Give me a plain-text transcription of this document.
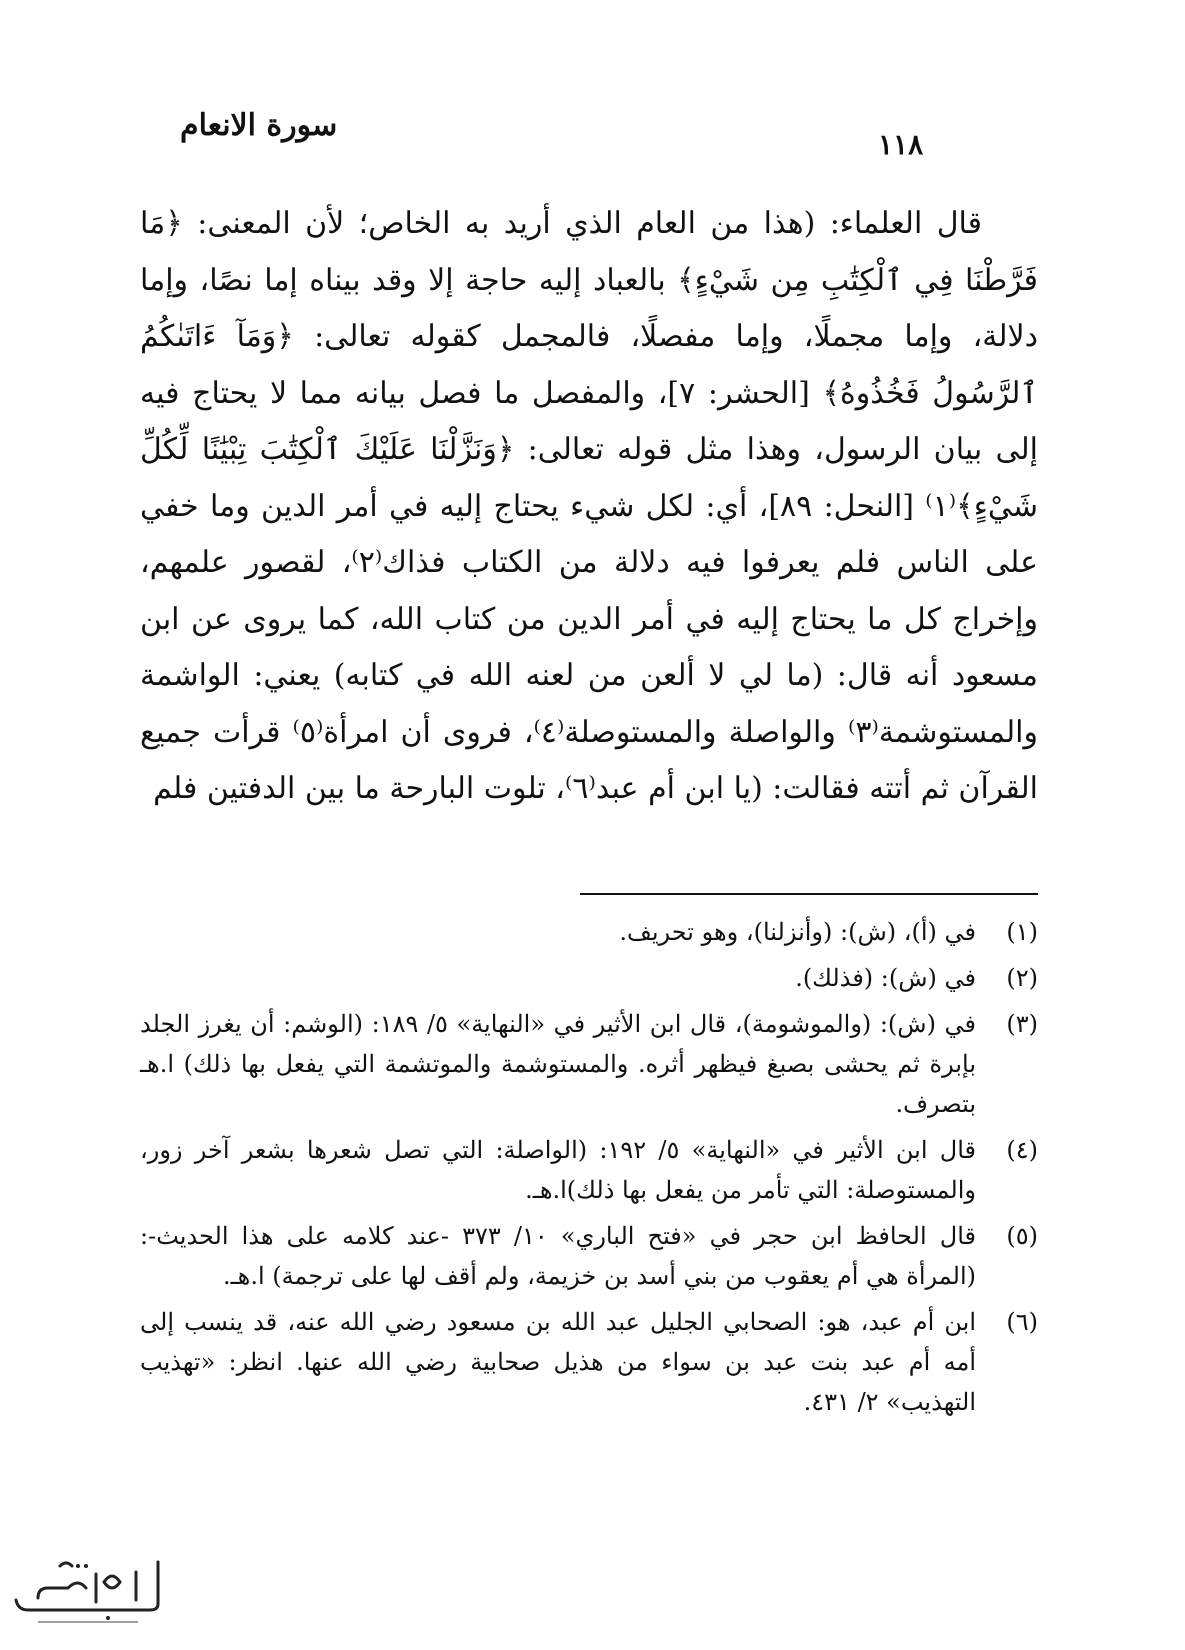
سورة الانعام
١١٨

قال العلماء: (هذا من العام الذي أريد به الخاص؛ لأن المعنى: ﴿مَا فَرَّطْنَا فِي ٱلْكِتَٰبِ مِن شَيْءٍ﴾ بالعباد إليه حاجة إلا وقد بيناه إما نصًا، وإما دلالة، وإما مجملًا، وإما مفصلًا، فالمجمل كقوله تعالى: ﴿وَمَآ ءَاتَىٰكُمُ ٱلرَّسُولُ فَخُذُوهُ﴾ [الحشر: ٧]، والمفصل ما فصل بيانه مما لا يحتاج فيه إلى بيان الرسول، وهذا مثل قوله تعالى: ﴿وَنَزَّلْنَا عَلَيْكَ ٱلْكِتَٰبَ تِبْيَٰنًا لِّكُلِّ شَيْءٍ﴾⁽١⁾ [النحل: ٨٩]، أي: لكل شيء يحتاج إليه في أمر الدين وما خفي على الناس فلم يعرفوا فيه دلالة من الكتاب فذاك⁽٢⁾، لقصور علمهم، وإخراج كل ما يحتاج إليه في أمر الدين من كتاب الله، كما يروى عن ابن مسعود أنه قال: (ما لي لا ألعن من لعنه الله في كتابه) يعني: الواشمة والمستوشمة⁽٣⁾ والواصلة والمستوصلة⁽٤⁾، فروى أن امرأة⁽٥⁾ قرأت جميع القرآن ثم أتته فقالت: (يا ابن أم عبد⁽٦⁾، تلوت البارحة ما بين الدفتين فلم

(١)
في (أ)، (ش): (وأنزلنا)، وهو تحريف.
(٢)
في (ش): (فذلك).
(٣)
في (ش): (والموشومة)، قال ابن الأثير في «النهاية» ٥/ ١٨٩: (الوشم: أن يغرز الجلد بإبرة ثم يحشى بصبغ فيظهر أثره. والمستوشمة والموتشمة التي يفعل بها ذلك) ا.هـ بتصرف.
(٤)
قال ابن الأثير في «النهاية» ٥/ ١٩٢: (الواصلة: التي تصل شعرها بشعر آخر زور، والمستوصلة: التي تأمر من يفعل بها ذلك)ا.هـ.
(٥)
قال الحافظ ابن حجر في «فتح الباري» ١٠/ ٣٧٣ -عند كلامه على هذا الحديث-: (المرأة هي أم يعقوب من بني أسد بن خزيمة، ولم أقف لها على ترجمة) ا.هـ.
(٦)
ابن أم عبد، هو: الصحابي الجليل عبد الله بن مسعود رضي الله عنه، قد ينسب إلى أمه أم عبد بنت عبد بن سواء من هذيل صحابية رضي الله عنها. انظر: «تهذيب التهذيب» ٢/ ٤٣١.
